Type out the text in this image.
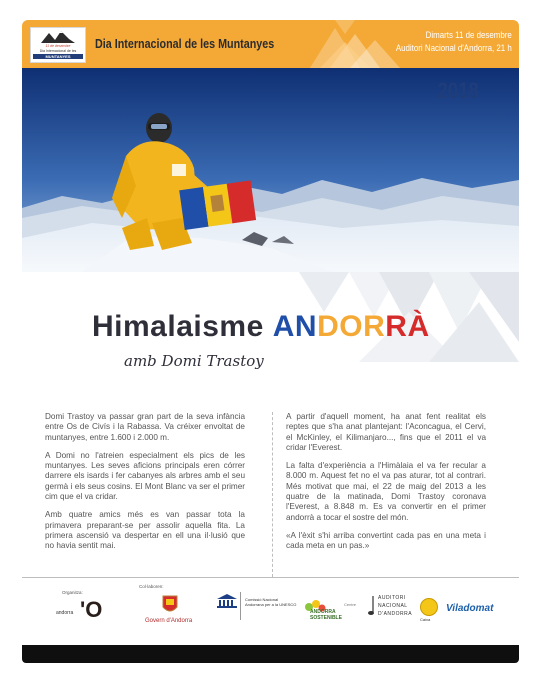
11 de desembre
Dia Internacional de les
MUNTANYES
Dia Internacional de les Muntanyes
Dimarts 11 de desembre
Auditori Nacional d'Andorra, 21 h
2018
Himalaisme ANDORRÀ
amb Domi Trastoy

Domi Trastoy va passar gran part de la seva infància entre Os de Civís i la Rabassa. Va créixer envoltat de muntanyes, entre 1.600 i 2.000 m.

A Domi no l'atreien especialment els pics de les muntanyes. Les seves aficions principals eren córrer darrere els isards i fer cabanyes als arbres amb el seu germà i els seus cosins. El Mont Blanc va ser el primer cim que el va cridar.

Amb quatre amics més es van passar tota la primavera preparant-se per assolir aquella fita. La primera ascensió va despertar en ell una il·lusió que no havia sentit mai.

A partir d'aquell moment, ha anat fent realitat els reptes que s'ha anat plantejant: l'Aconcagua, el Cervi, el McKinley, el Kilimanjaro..., fins que el 2011 el va cridar l'Everest.

La falta d'experiència a l'Himàlaia el va fer recular a 8.000 m. Aquest fet no el va pas aturar, tot al contrari. Més motivat que mai, el 22 de maig del 2013 a les quatre de la matinada, Domi Trastoy coronava l'Everest, a 8.848 m. Es va convertir en el primer andorrà a tocar el sostre del món.

«A l'èxit s'hi arriba convertint cada pas en una meta i cada meta en un pas.»

Organitza:
Col·laboren:
andorra 'O	Govern d'Andorra
Comissió Nacional Andorrana per a la UNESCO
ANDORRA
SOSTENIBLE
Centre
AUDITORI
NACIONAL
D'ANDORRA
Caixa
Viladomat
